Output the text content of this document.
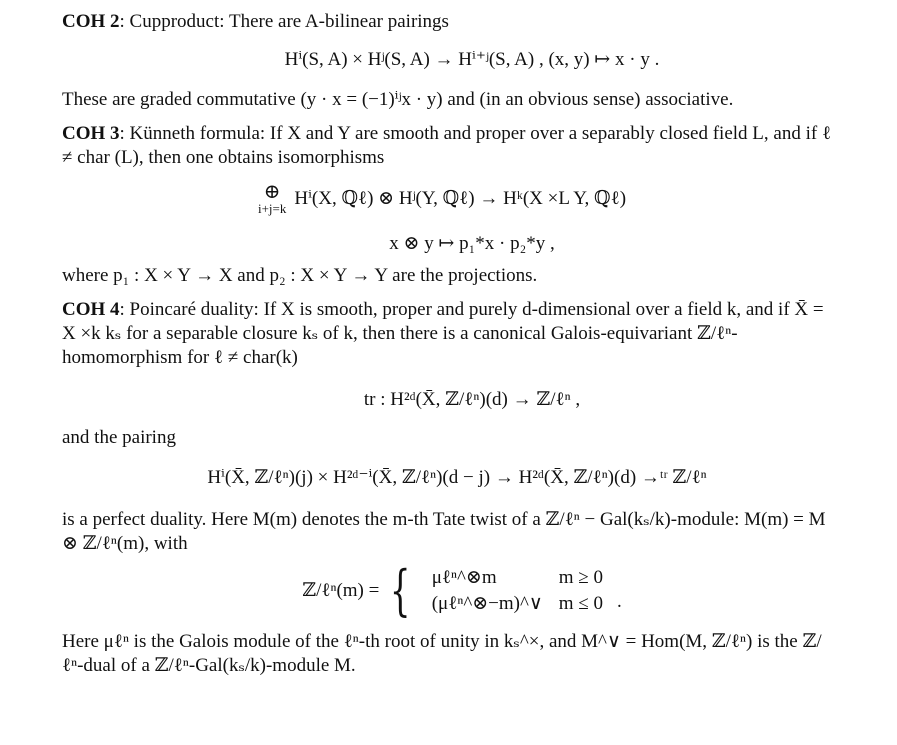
COH 2: Cupproduct: There are A-bilinear pairings

Hⁱ(S, A) × Hʲ(S, A) → Hⁱ⁺ʲ(S, A) , (x, y) ↦ x · y .

These are graded commutative (y · x = (−1)ⁱʲx · y) and (in an obvious sense) associative.

COH 3: Künneth formula: If X and Y are smooth and proper over a separably closed field L, and if ℓ ≠ char (L), then one obtains isomorphisms

⊕
i+j=k Hⁱ(X, ℚℓ) ⊗ Hʲ(Y, ℚℓ) → Hᵏ(X ×L Y, ℚℓ)
x ⊗ y ↦ p₁*x · p₂*y ,

where p₁ : X × Y → X and p₂ : X × Y → Y are the projections.

COH 4: Poincaré duality: If X is smooth, proper and purely d-dimensional over a field k, and if X̄ = X ×k kₛ for a separable closure kₛ of k, then there is a canonical Galois-equivariant ℤ/ℓⁿ-homomorphism for ℓ ≠ char(k)

tr : H²ᵈ(X̄, ℤ/ℓⁿ)(d) → ℤ/ℓⁿ ,

and the pairing

Hⁱ(X̄, ℤ/ℓⁿ)(j) × H²ᵈ⁻ⁱ(X̄, ℤ/ℓⁿ)(d − j) → H²ᵈ(X̄, ℤ/ℓⁿ)(d) →ᵗʳ ℤ/ℓⁿ

is a perfect duality. Here M(m) denotes the m-th Tate twist of a ℤ/ℓⁿ − Gal(kₛ/k)-module: M(m) = M ⊗ ℤ/ℓⁿ(m), with

ℤ/ℓⁿ(m) = { μℓⁿ^⊗m	m ≥ 0
(μℓⁿ^⊗−m)^∨	m ≤ 0 .

Here μℓⁿ is the Galois module of the ℓⁿ-th root of unity in kₛ^×, and M^∨ = Hom(M, ℤ/ℓⁿ) is the ℤ/ℓⁿ-dual of a ℤ/ℓⁿ-Gal(kₛ/k)-module M.
